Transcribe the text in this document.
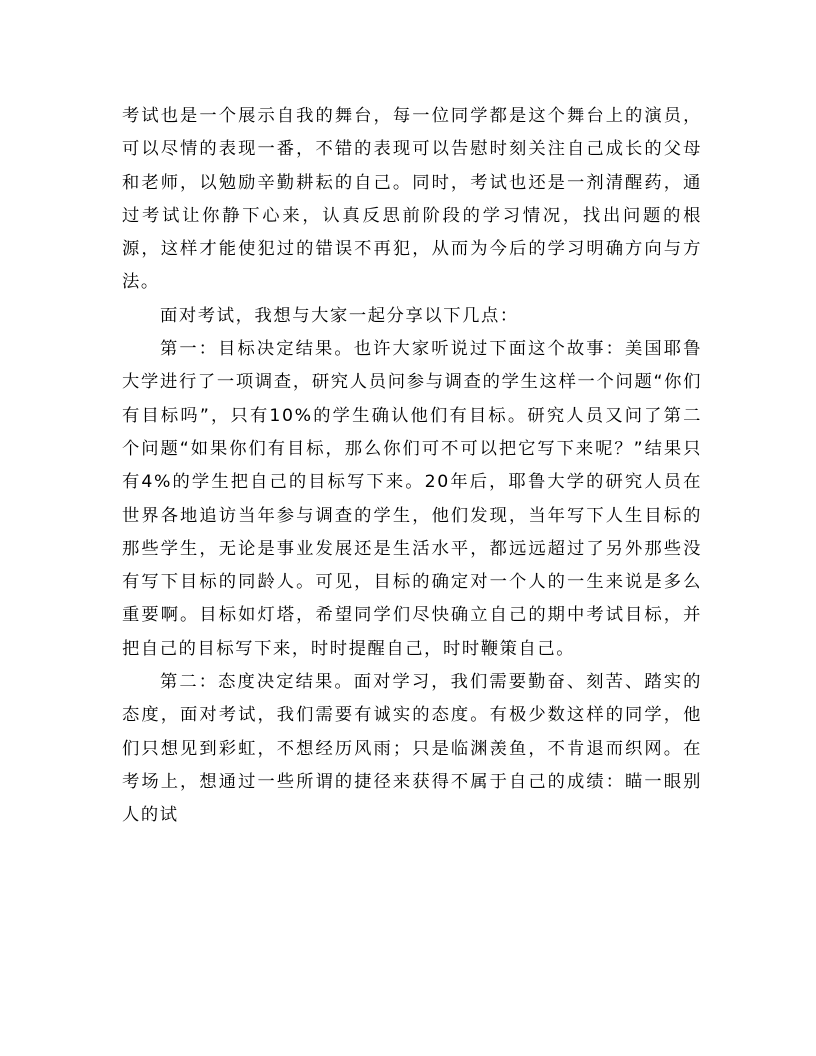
考试也是一个展示自我的舞台，每一位同学都是这个舞台上的演员，可以尽情的表现一番，不错的表现可以告慰时刻关注自己成长的父母和老师，以勉励辛勤耕耘的自己。同时，考试也还是一剂清醒药，通过考试让你静下心来，认真反思前阶段的学习情况，找出问题的根源，这样才能使犯过的错误不再犯，从而为今后的学习明确方向与方法。

面对考试，我想与大家一起分享以下几点：

第一：目标决定结果。也许大家听说过下面这个故事：美国耶鲁大学进行了一项调查，研究人员问参与调查的学生这样一个问题“你们有目标吗”，只有10%的学生确认他们有目标。研究人员又问了第二个问题“如果你们有目标，那么你们可不可以把它写下来呢？”结果只有4%的学生把自己的目标写下来。20年后，耶鲁大学的研究人员在世界各地追访当年参与调查的学生，他们发现，当年写下人生目标的那些学生，无论是事业发展还是生活水平，都远远超过了另外那些没有写下目标的同龄人。可见，目标的确定对一个人的一生来说是多么重要啊。目标如灯塔，希望同学们尽快确立自己的期中考试目标，并把自己的目标写下来，时时提醒自己，时时鞭策自己。

第二：态度决定结果。面对学习，我们需要勤奋、刻苦、踏实的态度，面对考试，我们需要有诚实的态度。有极少数这样的同学，他们只想见到彩虹，不想经历风雨；只是临渊羡鱼，不肯退而织网。在考场上，想通过一些所谓的捷径来获得不属于自己的成绩：瞄一眼别人的试
